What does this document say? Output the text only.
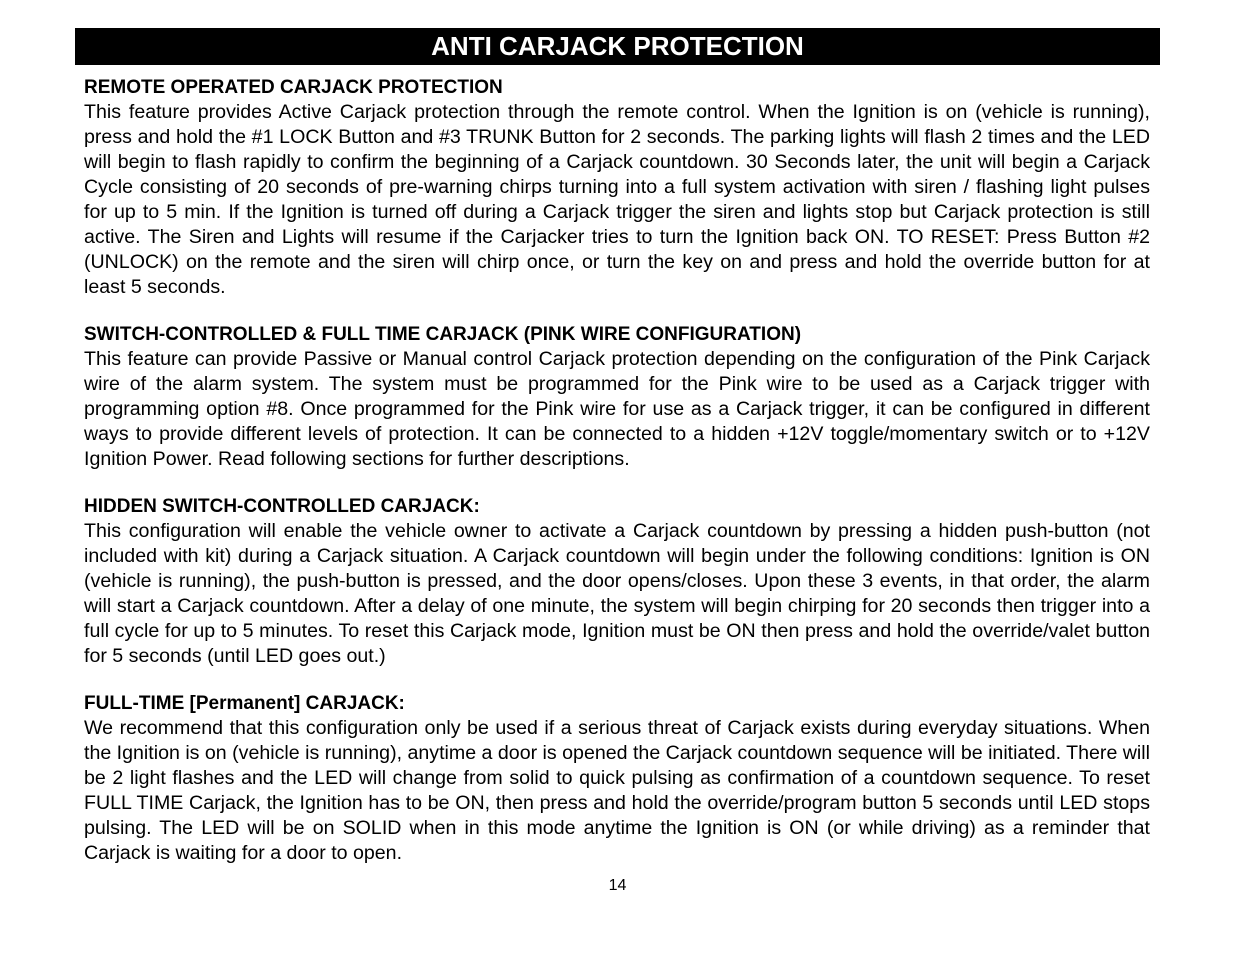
ANTI CARJACK PROTECTION

REMOTE OPERATED CARJACK PROTECTION

This feature provides Active Carjack protection through the remote control. When the Ignition is on (vehicle is running), press and hold the #1 LOCK Button and #3 TRUNK Button for 2 seconds. The parking lights will flash 2 times and the LED will begin to flash rapidly to confirm the beginning of a Carjack countdown. 30 Seconds later, the unit will begin a Carjack Cycle consisting of 20 seconds of pre-warning chirps turning into a full system activation with siren / flashing light pulses for up to 5 min. If the Ignition is turned off during a Carjack trigger the siren and lights stop but Carjack protection is still active. The Siren and Lights will resume if the Carjacker tries to turn the Ignition back ON. TO RESET: Press Button #2 (UNLOCK) on the remote and the siren will chirp once, or turn the key on and press and hold the override button for at least 5 seconds.

SWITCH-CONTROLLED & FULL TIME CARJACK (PINK WIRE CONFIGURATION)

This feature can provide Passive or Manual control Carjack protection depending on the configuration of the Pink Carjack wire of the alarm system. The system must be programmed for the Pink wire to be used as a Carjack trigger with programming option #8. Once programmed for the Pink wire for use as a Carjack trigger, it can be configured in different ways to provide different levels of protection. It can be connected to a hidden +12V toggle/momentary switch or to +12V Ignition Power. Read following sections for further descriptions.

HIDDEN SWITCH-CONTROLLED CARJACK:

This configuration will enable the vehicle owner to activate a Carjack countdown by pressing a hidden push-button (not included with kit) during a Carjack situation. A Carjack countdown will begin under the following conditions: Ignition is ON (vehicle is running), the push-button is pressed, and the door opens/closes. Upon these 3 events, in that order, the alarm will start a Carjack countdown. After a delay of one minute, the system will begin chirping for 20 seconds then trigger into a full cycle for up to 5 minutes. To reset this Carjack mode, Ignition must be ON then press and hold the override/valet button for 5 seconds (until LED goes out.)

FULL-TIME [Permanent] CARJACK:

We recommend that this configuration only be used if a serious threat of Carjack exists during everyday situations. When the Ignition is on (vehicle is running), anytime a door is opened the Carjack countdown sequence will be initiated. There will be 2 light flashes and the LED will change from solid to quick pulsing as confirmation of a countdown sequence. To reset FULL TIME Carjack, the Ignition has to be ON, then press and hold the override/program button 5 seconds until LED stops pulsing. The LED will be on SOLID when in this mode anytime the Ignition is ON (or while driving) as a reminder that Carjack is waiting for a door to open.

14
